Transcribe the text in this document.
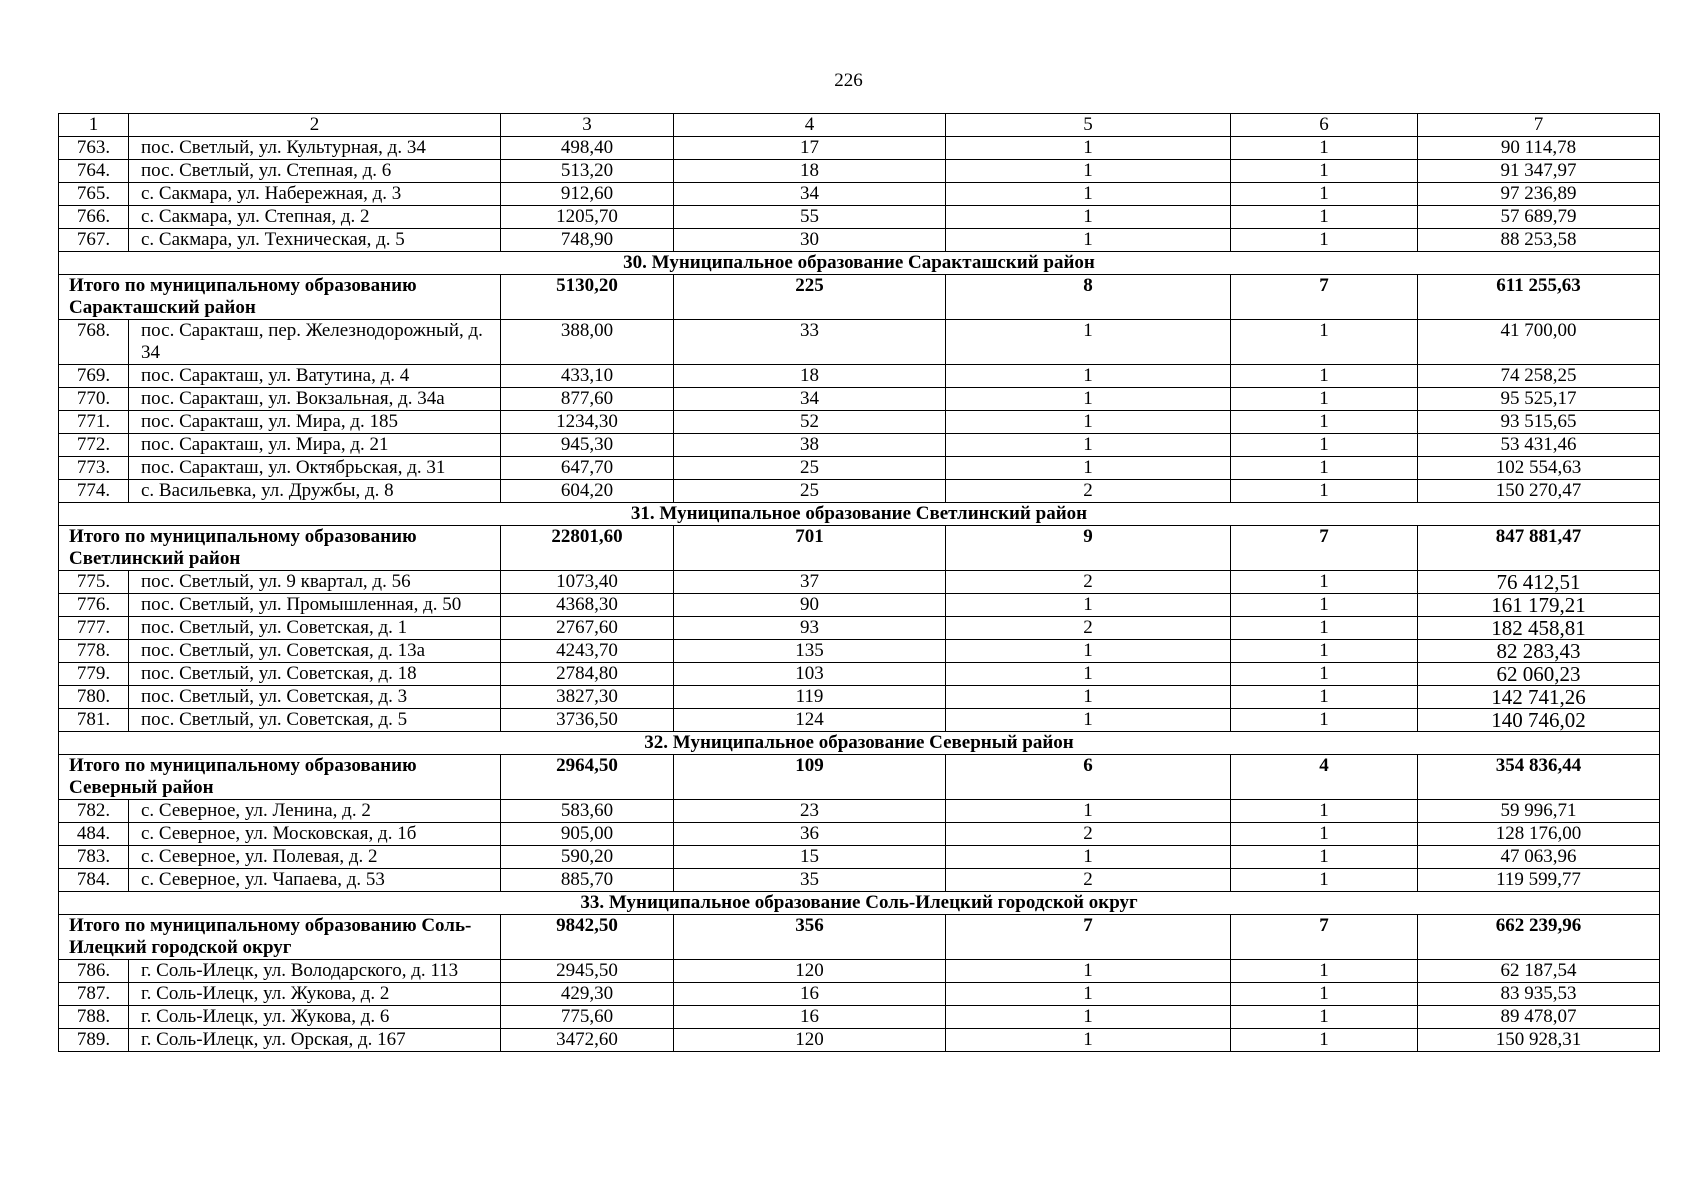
226
1	2	3	4	5	6	7
763.	пос. Светлый, ул. Культурная, д. 34	498,40	17	1	1	90 114,78
764.	пос. Светлый, ул. Степная, д. 6	513,20	18	1	1	91 347,97
765.	с. Сакмара, ул. Набережная, д. 3	912,60	34	1	1	97 236,89
766.	с. Сакмара, ул. Степная, д. 2	1205,70	55	1	1	57 689,79
767.	с. Сакмара, ул. Техническая, д. 5	748,90	30	1	1	88 253,58
30. Муниципальное образование Саракташский район						
Итого по муниципальному образованию Саракташский район		5130,20	225	8	7	611 255,63
768.	пос. Саракташ, пер. Железнодорожный, д. 34	388,00	33	1	1	41 700,00
769.	пос. Саракташ, ул. Ватутина, д. 4	433,10	18	1	1	74 258,25
770.	пос. Саракташ, ул. Вокзальная, д. 34а	877,60	34	1	1	95 525,17
771.	пос. Саракташ, ул. Мира, д. 185	1234,30	52	1	1	93 515,65
772.	пос. Саракташ, ул. Мира, д. 21	945,30	38	1	1	53 431,46
773.	пос. Саракташ, ул. Октябрьская, д. 31	647,70	25	1	1	102 554,63
774.	с. Васильевка, ул. Дружбы, д. 8	604,20	25	2	1	150 270,47
31. Муниципальное образование Светлинский район						
Итого по муниципальному образованию Светлинский район		22801,60	701	9	7	847 881,47
775.	пос. Светлый, ул. 9 квартал, д. 56	1073,40	37	2	1	76 412,51
776.	пос. Светлый, ул. Промышленная, д. 50	4368,30	90	1	1	161 179,21
777.	пос. Светлый, ул. Советская, д. 1	2767,60	93	2	1	182 458,81
778.	пос. Светлый, ул. Советская, д. 13а	4243,70	135	1	1	82 283,43
779.	пос. Светлый, ул. Советская, д. 18	2784,80	103	1	1	62 060,23
780.	пос. Светлый, ул. Советская, д. 3	3827,30	119	1	1	142 741,26
781.	пос. Светлый, ул. Советская, д. 5	3736,50	124	1	1	140 746,02
32. Муниципальное образование Северный район						
Итого по муниципальному образованию Северный район		2964,50	109	6	4	354 836,44
782.	с. Северное, ул. Ленина, д. 2	583,60	23	1	1	59 996,71
484.	с. Северное, ул. Московская, д. 1б	905,00	36	2	1	128 176,00
783.	с. Северное, ул. Полевая, д. 2	590,20	15	1	1	47 063,96
784.	с. Северное, ул. Чапаева, д. 53	885,70	35	2	1	119 599,77
33. Муниципальное образование Соль-Илецкий городской округ						
Итого по муниципальному образованию Соль-Илецкий городской округ		9842,50	356	7	7	662 239,96
786.	г. Соль-Илецк, ул. Володарского, д. 113	2945,50	120	1	1	62 187,54
787.	г. Соль-Илецк, ул. Жукова, д. 2	429,30	16	1	1	83 935,53
788.	г. Соль-Илецк, ул. Жукова, д. 6	775,60	16	1	1	89 478,07
789.	г. Соль-Илецк, ул. Орская, д. 167	3472,60	120	1	1	150 928,31
